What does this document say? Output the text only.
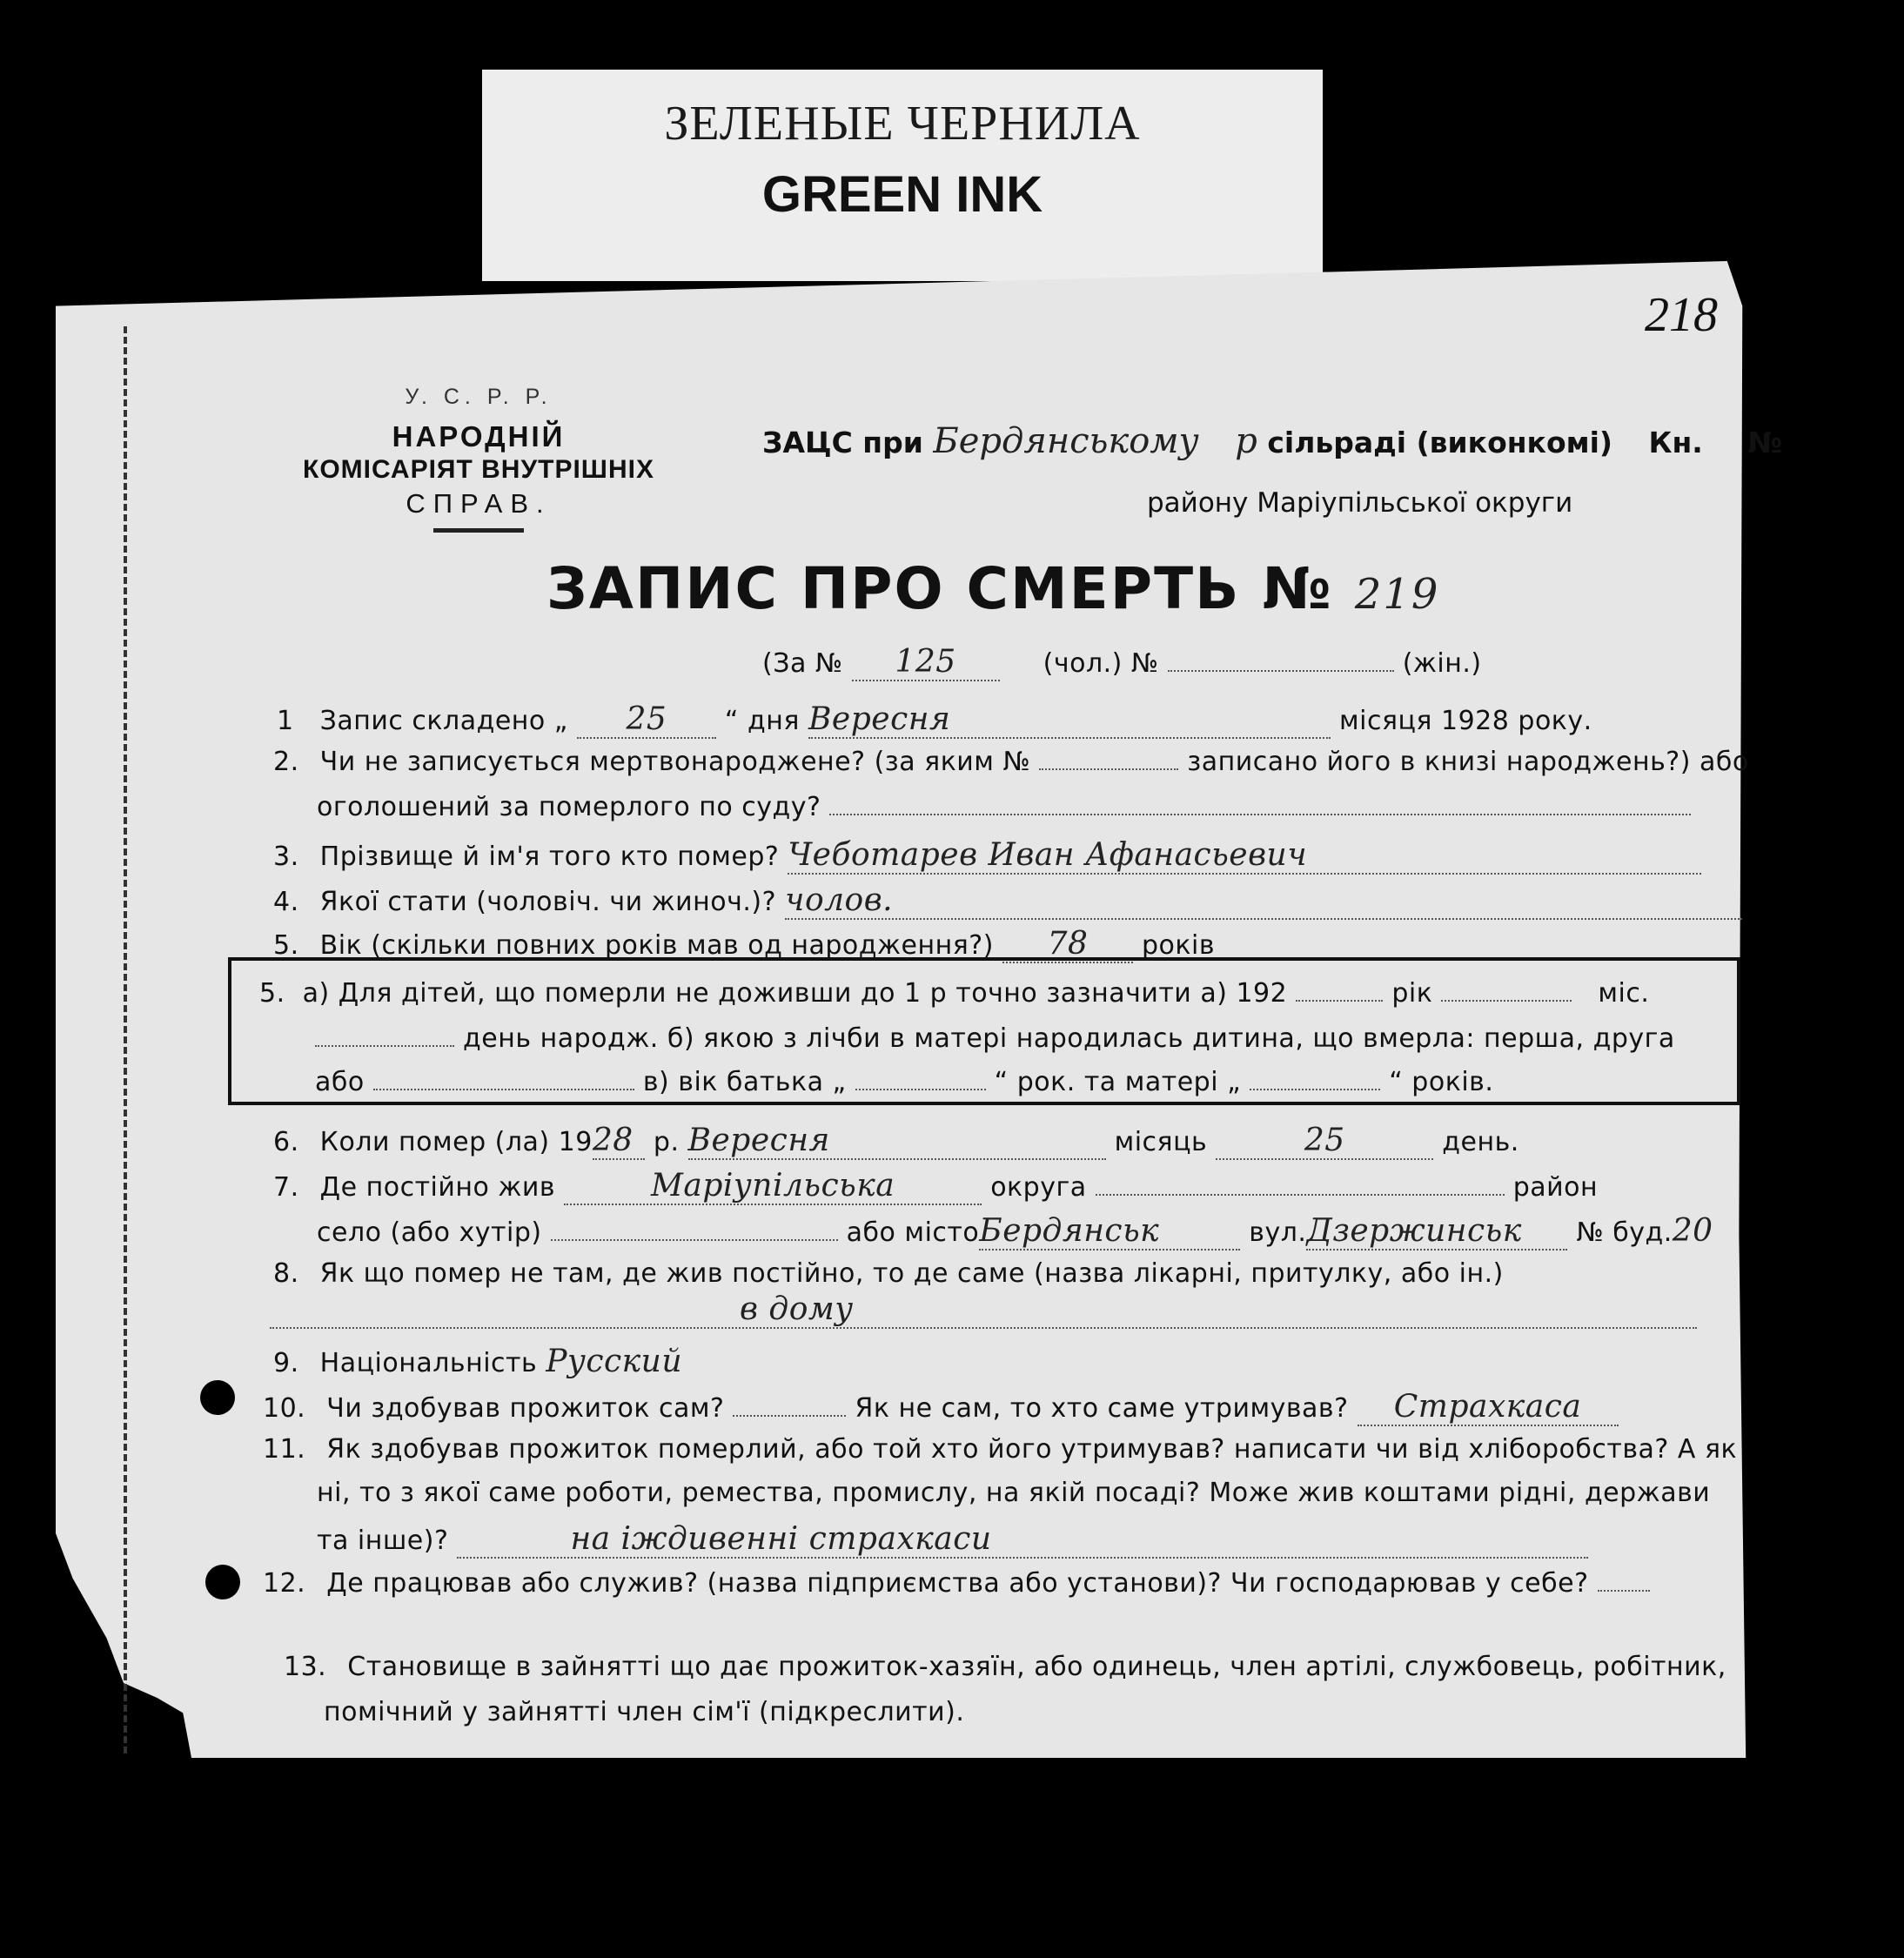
ЗЕЛЕНЫЕ ЧЕРНИЛА
GREEN INK
218
У. С. Р. Р.
НАРОДНІЙ
КОМІСАРІЯТ ВНУТРІШНІХ
СПРАВ.
ЗАЦС при Бердянському р сільраді (виконкомі) Кн. №
району Маріупільської округи
ЗАПИС ПРО СМЕРТЬ № 219
(За № 125	(чол.) №	(жін.)
1 Запис складено „ 25 “ дня Вересня	місяця 1928 року.
2. Чи не записується мертвонароджене? (за яким №	записано його в книзі народжень?) або
оголошений за померлого по суду?
3. Прізвище й ім'я того кто помер? Чеботарев Иван Афанасьевич
4. Якої стати (чоловіч. чи жиноч.)? чолов.
5. Вік (скільки повних років мав од народження?) 78 років
5. а) Для дітей, що померли не доживши до 1 р точно зазначити а) 192	рік	міс.
день народж. б) якою з лічби в матері народилась дитина, що вмерла: перша, друга
або	в) вік батька „	“ рок. та матері „	“ років.
6. Коли помер (ла) 1928 р. Вересня	місяць	25	день.
7. Де постійно жив	Маріупільська	округа	район
село (або хутір)	або містоБердянськ	вул.Дзержинськ № буд.20
8. Як що помер не там, де жив постійно, то де саме (назва лікарні, притулку, або ін.)
в дому
9. Національність Русский
10. Чи здобував прожиток сам?	Як не сам, то хто саме утримував? Страхкаса
11. Як здобував прожиток померлий, або той хто його утримував? написати чи від хліборобства? А як
ні, то з якої саме роботи, ремества, промислу, на якій посаді? Може жив коштами рідні, держави
та інше)?	на іждивенні страхкаси
12. Де працював або служив? (назва підприємства або установи)? Чи господарював у себе?
13. Становище в зайнятті що дає прожиток-хазяїн, або одинець, член артілі, службовець, робітник,
помічний у зайнятті член сім'ї (підкреслити).
